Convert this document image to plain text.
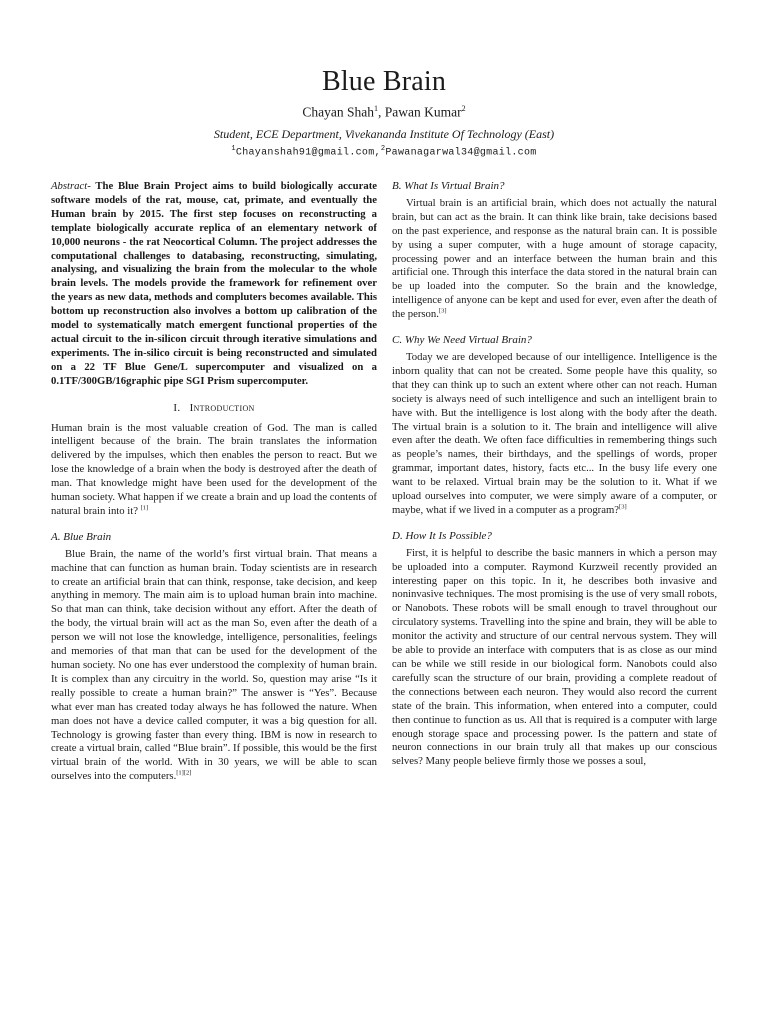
Blue Brain
Chayan Shah$^1$, Pawan Kumar$^2$
Student, ECE Department, Vivekananda Institute Of Technology (East)
$^1$Chayanshah91@gmail.com,$^2$Pawanagarwal34@gmail.com

Abstract- The Blue Brain Project aims to build biologically accurate software models of the rat, mouse, cat, primate, and eventually the Human brain by 2015. The first step focuses on reconstructing a template biologically accurate replica of an elementary network of 10,000 neurons - the rat Neocortical Column. The project addresses the computational challenges to databasing, reconstructing, simulating, analysing, and visualizing the brain from the molecular to the whole brain levels. The models provide the framework for refinement over the years as new data, methods and compluters becomes available. This bottom up reconstruction also involves a bottom up calibration of the model to systematically match emergent functional properties of the actual circuit to the in-silicon circuit through iterative simulations and experiments. The in-silico circuit is being reconstructed and simulated on a 22 TF Blue Gene/L supercomputer and visualized on a 0.1TF/300GB/16graphic pipe SGI Prism supercomputer.

I. Introduction

Human brain is the most valuable creation of God. The man is called intelligent because of the brain. The brain translates the information delivered by the impulses, which then enables the person to react. But we lose the knowledge of a brain when the body is destroyed after the death of man. That knowledge might have been used for the development of the human society. What happen if we create a brain and up load the contents of natural brain into it? [1]

A. Blue Brain

Blue Brain, the name of the world’s first virtual brain. That means a machine that can function as human brain. Today scientists are in research to create an artificial brain that can think, response, take decision, and keep anything in memory. The main aim is to upload human brain into machine. So that man can think, take decision without any effort. After the death of the body, the virtual brain will act as the man So, even after the death of a person we will not lose the knowledge, intelligence, personalities, feelings and memories of that man that can be used for the development of the human society. No one has ever understood the complexity of human brain. It is complex than any circuitry in the world. So, question may arise “Is it really possible to create a human brain?” The answer is “Yes”. Because what ever man has created today always he has followed the nature. When man does not have a device called computer, it was a big question for all. Technology is growing faster than every thing. IBM is now in research to create a virtual brain, called “Blue brain”. If possible, this would be the first virtual brain of the world. With in 30 years, we will be able to scan ourselves into the computers.[1][2]

B. What Is Virtual Brain?

Virtual brain is an artificial brain, which does not actually the natural brain, but can act as the brain. It can think like brain, take decisions based on the past experience, and response as the natural brain can. It is possible by using a super computer, with a huge amount of storage capacity, processing power and an interface between the human brain and this artificial one. Through this interface the data stored in the natural brain can be up loaded into the computer. So the brain and the knowledge, intelligence of anyone can be kept and used for ever, even after the death of the person.[3]

C. Why We Need Virtual Brain?

Today we are developed because of our intelligence. Intelligence is the inborn quality that can not be created. Some people have this quality, so that they can think up to such an extent where other can not reach. Human society is always need of such intelligence and such an intelligent brain to have with. But the intelligence is lost along with the body after the death. The virtual brain is a solution to it. The brain and intelligence will alive even after the death. We often face difficulties in remembering things such as people’s names, their birthdays, and the spellings of words, proper grammar, important dates, history, facts etc... In the busy life every one want to be relaxed. Virtual brain may be the solution to it. What if we upload ourselves into computer, we were simply aware of a computer, or maybe, what if we lived in a computer as a program?[3]

D. How It Is Possible?

First, it is helpful to describe the basic manners in which a person may be uploaded into a computer. Raymond Kurzweil recently provided an interesting paper on this topic. In it, he describes both invasive and noninvasive techniques. The most promising is the use of very small robots, or Nanobots. These robots will be small enough to travel throughout our circulatory systems. Travelling into the spine and brain, they will be able to monitor the activity and structure of our central nervous system. They will be able to provide an interface with computers that is as close as our mind can be while we still reside in our biological form. Nanobots could also carefully scan the structure of our brain, providing a complete readout of the connections between each neuron. They would also record the current state of the brain. This information, when entered into a computer, could then continue to function as us. All that is required is a computer with large enough storage space and processing power. Is the pattern and state of neuron connections in our brain truly all that makes up our conscious selves? Many people believe firmly those we posses a soul,
